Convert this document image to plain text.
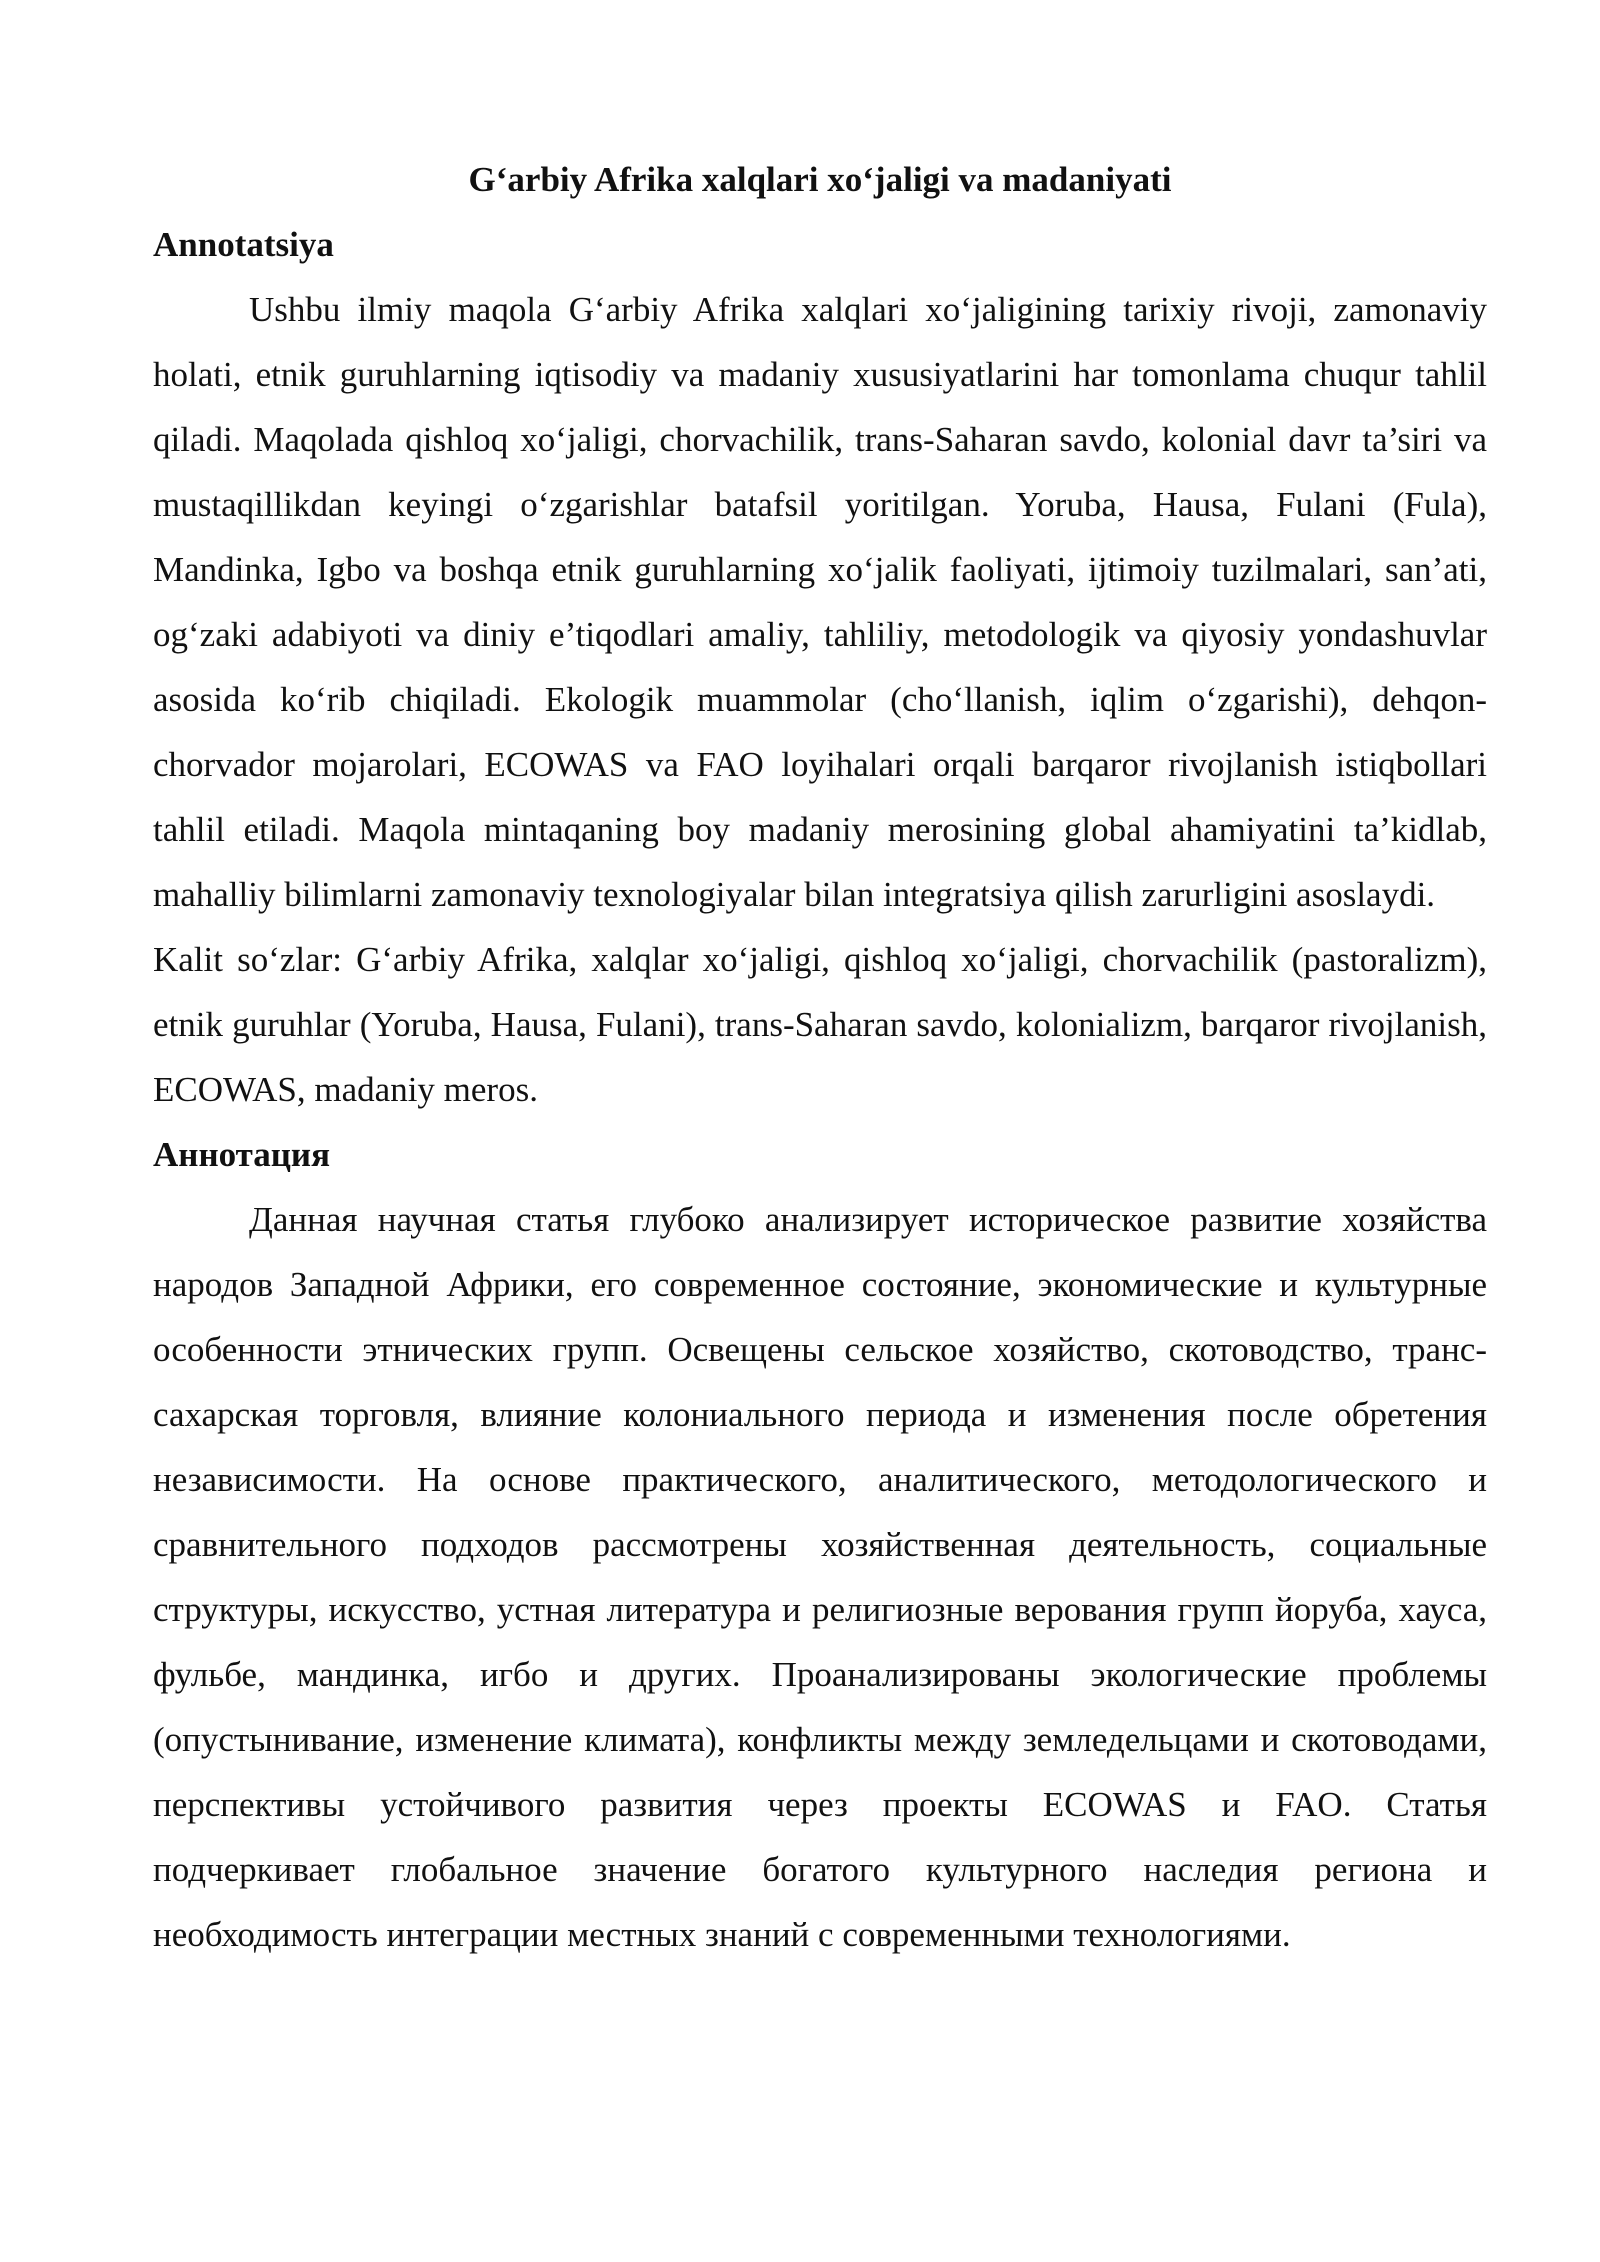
G‘arbiy Afrika xalqlari xo‘jaligi va madaniyati
Annotatsiya

Ushbu ilmiy maqola G‘arbiy Afrika xalqlari xo‘jaligining tarixiy rivoji, zamonaviy holati, etnik guruhlarning iqtisodiy va madaniy xususiyatlarini har tomonlama chuqur tahlil qiladi. Maqolada qishloq xo‘jaligi, chorvachilik, trans-Saharan savdo, kolonial davr ta’siri va mustaqillikdan keyingi o‘zgarishlar batafsil yoritilgan. Yoruba, Hausa, Fulani (Fula), Mandinka, Igbo va boshqa etnik guruhlarning xo‘jalik faoliyati, ijtimoiy tuzilmalari, san’ati, og‘zaki adabiyoti va diniy e’tiqodlari amaliy, tahliliy, metodologik va qiyosiy yondashuvlar asosida ko‘rib chiqiladi. Ekologik muammolar (cho‘llanish, iqlim o‘zgarishi), dehqon-chorvador mojarolari, ECOWAS va FAO loyihalari orqali barqaror rivojlanish istiqbollari tahlil etiladi. Maqola mintaqaning boy madaniy merosining global ahamiyatini ta’kidlab, mahalliy bilimlarni zamonaviy texnologiyalar bilan integratsiya qilish zarurligini asoslaydi.

Kalit so‘zlar: G‘arbiy Afrika, xalqlar xo‘jaligi, qishloq xo‘jaligi, chorvachilik (pastoralizm), etnik guruhlar (Yoruba, Hausa, Fulani), trans-Saharan savdo, kolonializm, barqaror rivojlanish, ECOWAS, madaniy meros.

Аннотация

Данная научная статья глубоко анализирует историческое развитие хозяйства народов Западной Африки, его современное состояние, экономические и культурные особенности этнических групп. Освещены сельское хозяйство, скотоводство, транс-сахарская торговля, влияние колониального периода и изменения после обретения независимости. На основе практического, аналитического, методологического и сравнительного подходов рассмотрены хозяйственная деятельность, социальные структуры, искусство, устная литература и религиозные верования групп йоруба, хауса, фульбе, мандинка, игбо и других. Проанализированы экологические проблемы (опустынивание, изменение климата), конфликты между земледельцами и скотоводами, перспективы устойчивого развития через проекты ECOWAS и FAO. Статья подчеркивает глобальное значение богатого культурного наследия региона и необходимость интеграции местных знаний с современными технологиями.
